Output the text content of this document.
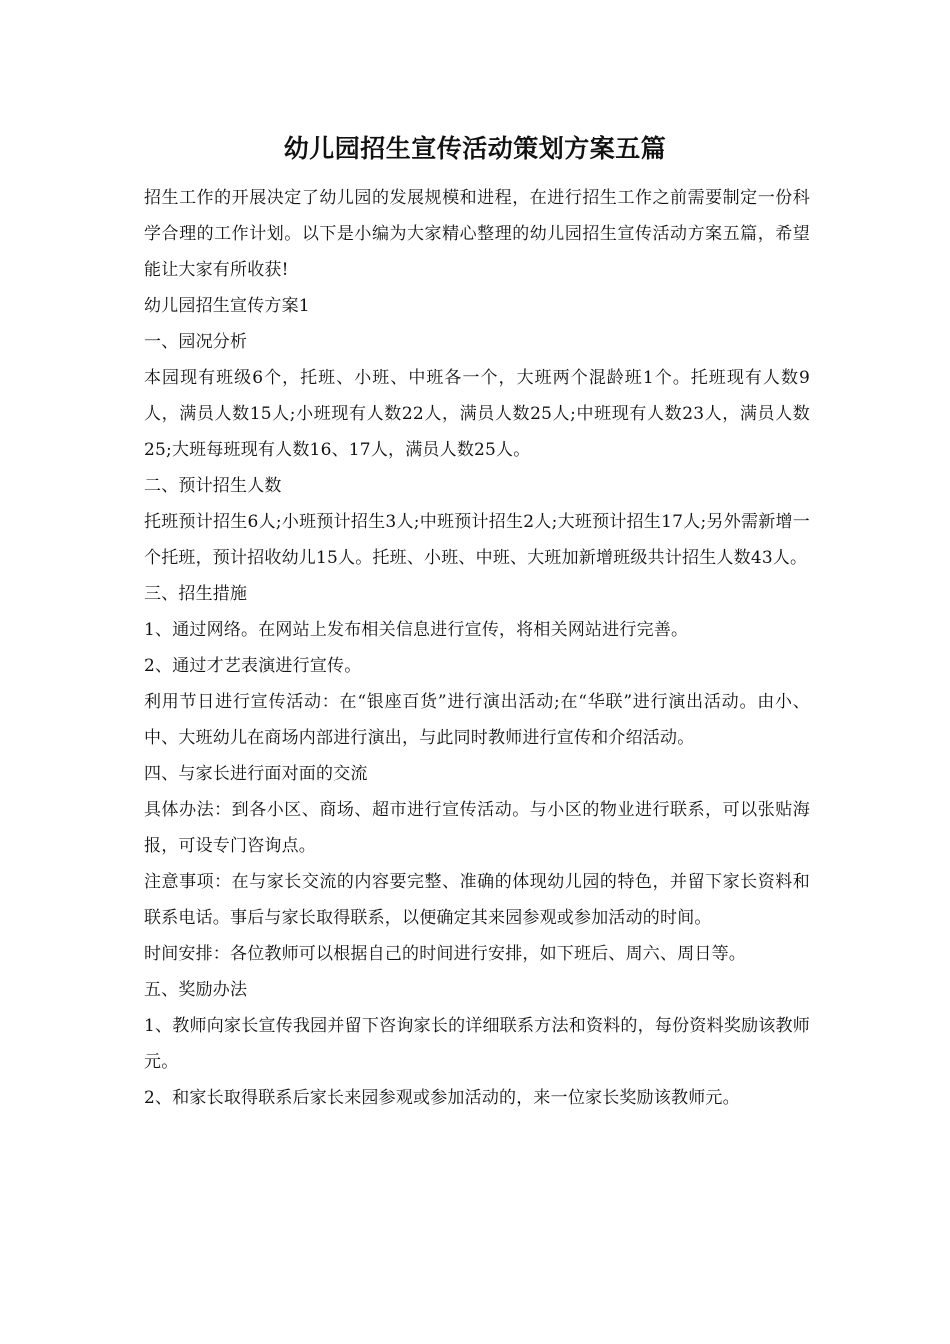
幼儿园招生宣传活动策划方案五篇

招生工作的开展决定了幼儿园的发展规模和进程，在进行招生工作之前需要制定一份科学合理的工作计划。以下是小编为大家精心整理的幼儿园招生宣传活动方案五篇，希望能让大家有所收获!

幼儿园招生宣传方案1

一、园况分析

本园现有班级6个，托班、小班、中班各一个，大班两个混龄班1个。托班现有人数9人，满员人数15人;小班现有人数22人，满员人数25人;中班现有人数23人，满员人数25;大班每班现有人数16、17人，满员人数25人。

二、预计招生人数

托班预计招生6人;小班预计招生3人;中班预计招生2人;大班预计招生17人;另外需新增一个托班，预计招收幼儿15人。托班、小班、中班、大班加新增班级共计招生人数43人。

三、招生措施

1、通过网络。在网站上发布相关信息进行宣传，将相关网站进行完善。

2、通过才艺表演进行宣传。

利用节日进行宣传活动：在“银座百货”进行演出活动;在“华联”进行演出活动。由小、中、大班幼儿在商场内部进行演出，与此同时教师进行宣传和介绍活动。

四、与家长进行面对面的交流

具体办法：到各小区、商场、超市进行宣传活动。与小区的物业进行联系，可以张贴海报，可设专门咨询点。

注意事项：在与家长交流的内容要完整、准确的体现幼儿园的特色，并留下家长资料和联系电话。事后与家长取得联系，以便确定其来园参观或参加活动的时间。

时间安排：各位教师可以根据自己的时间进行安排，如下班后、周六、周日等。

五、奖励办法

1、教师向家长宣传我园并留下咨询家长的详细联系方法和资料的，每份资料奖励该教师元。

2、和家长取得联系后家长来园参观或参加活动的，来一位家长奖励该教师元。
